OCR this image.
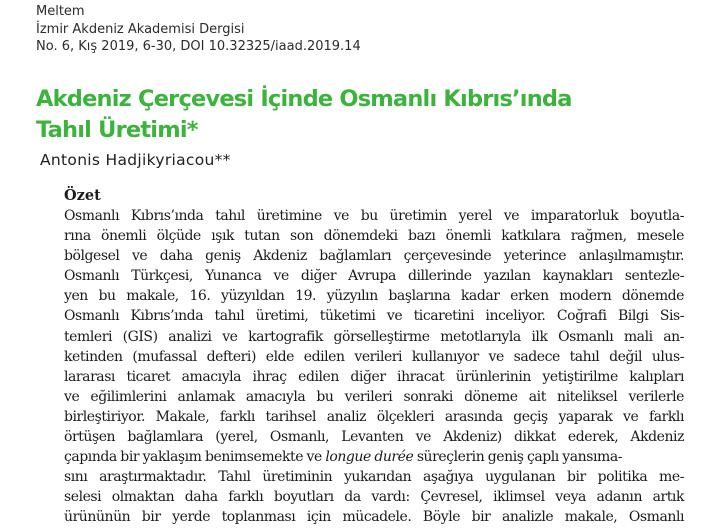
Meltem
İzmir Akdeniz Akademisi Dergisi
No. 6, Kış 2019, 6-30, DOI 10.32325/iaad.2019.14
Akdeniz Çerçevesi İçinde Osmanlı Kıbrıs’ında
Tahıl Üretimi*
Antonis Hadjikyriacou**
Özet
Osmanlı Kıbrıs’ında tahıl üretimine ve bu üretimin yerel ve imparatorluk boyutla-
rına önemli ölçüde ışık tutan son dönemdeki bazı önemli katkılara rağmen, mesele
bölgesel ve daha geniş Akdeniz bağlamları çerçevesinde yeterince anlaşılmamıştır.
Osmanlı Türkçesi, Yunanca ve diğer Avrupa dillerinde yazılan kaynakları sentezle-
yen bu makale, 16. yüzyıldan 19. yüzyılın başlarına kadar erken modern dönemde
Osmanlı Kıbrıs’ında tahıl üretimi, tüketimi ve ticaretini inceliyor. Coğrafi Bilgi Sis-
temleri (GIS) analizi ve kartografik görselleştirme metotlarıyla ilk Osmanlı mali an-
ketinden (mufassal defteri) elde edilen verileri kullanıyor ve sadece tahıl değil ulus-
lararası ticaret amacıyla ihraç edilen diğer ihracat ürünlerinin yetiştirilme kalıpları
ve eğilimlerini anlamak amacıyla bu verileri sonraki döneme ait niteliksel verilerle
birleştiriyor. Makale, farklı tarihsel analiz ölçekleri arasında geçiş yaparak ve farklı
örtüşen bağlamlara (yerel, Osmanlı, Levanten ve Akdeniz) dikkat ederek, Akdeniz
çapında bir yaklaşım benimsemekte ve longue durée süreçlerin geniş çaplı yansıma-
sını araştırmaktadır. Tahıl üretiminin yukarıdan aşağıya uygulanan bir politika me-
selesi olmaktan daha farklı boyutları da vardı: Çevresel, iklimsel veya adanın artık
ürününün bir yerde toplanması için mücadele. Böyle bir analizle makale, Osmanlı
